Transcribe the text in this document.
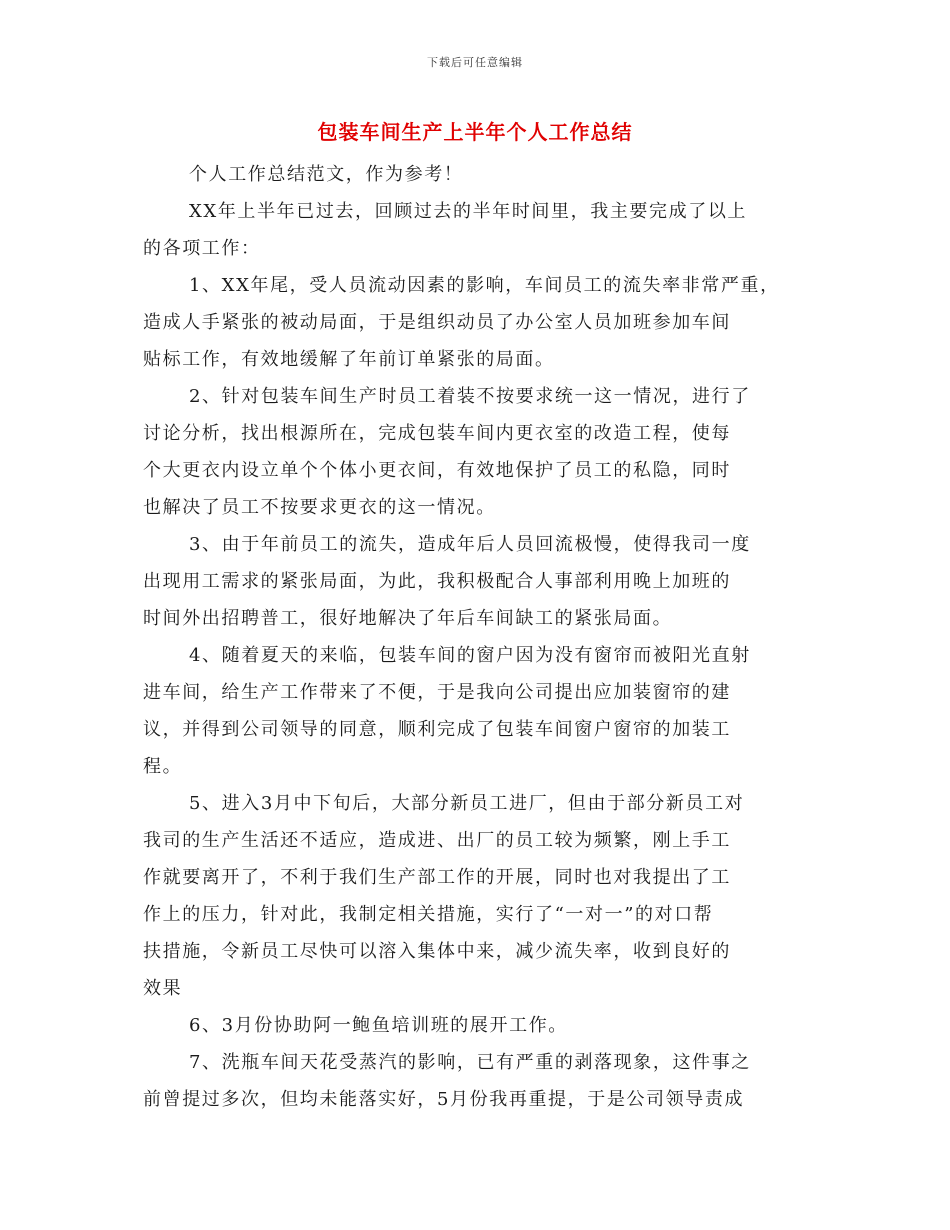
下载后可任意编辑
包装车间生产上半年个人工作总结
个人工作总结范文，作为参考！
XX年上半年已过去，回顾过去的半年时间里，我主要完成了以上
的各项工作：
1、XX年尾，受人员流动因素的影响，车间员工的流失率非常严重，
造成人手紧张的被动局面，于是组织动员了办公室人员加班参加车间
贴标工作，有效地缓解了年前订单紧张的局面。
2、针对包装车间生产时员工着装不按要求统一这一情况，进行了
讨论分析，找出根源所在，完成包装车间内更衣室的改造工程，使每
个大更衣内设立单个个体小更衣间，有效地保护了员工的私隐，同时
也解决了员工不按要求更衣的这一情况。
3、由于年前员工的流失，造成年后人员回流极慢，使得我司一度
出现用工需求的紧张局面，为此，我积极配合人事部利用晚上加班的
时间外出招聘普工，很好地解决了年后车间缺工的紧张局面。
4、随着夏天的来临，包装车间的窗户因为没有窗帘而被阳光直射
进车间，给生产工作带来了不便，于是我向公司提出应加装窗帘的建
议，并得到公司领导的同意，顺利完成了包装车间窗户窗帘的加装工
程。
5、进入3月中下旬后，大部分新员工进厂，但由于部分新员工对
我司的生产生活还不适应，造成进、出厂的员工较为频繁，刚上手工
作就要离开了，不利于我们生产部工作的开展，同时也对我提出了工
作上的压力，针对此，我制定相关措施，实行了“一对一”的对口帮
扶措施，令新员工尽快可以溶入集体中来，减少流失率，收到良好的
效果
6、3月份协助阿一鲍鱼培训班的展开工作。
7、洗瓶车间天花受蒸汽的影响，已有严重的剥落现象，这件事之
前曾提过多次，但均未能落实好，5月份我再重提，于是公司领导责成
